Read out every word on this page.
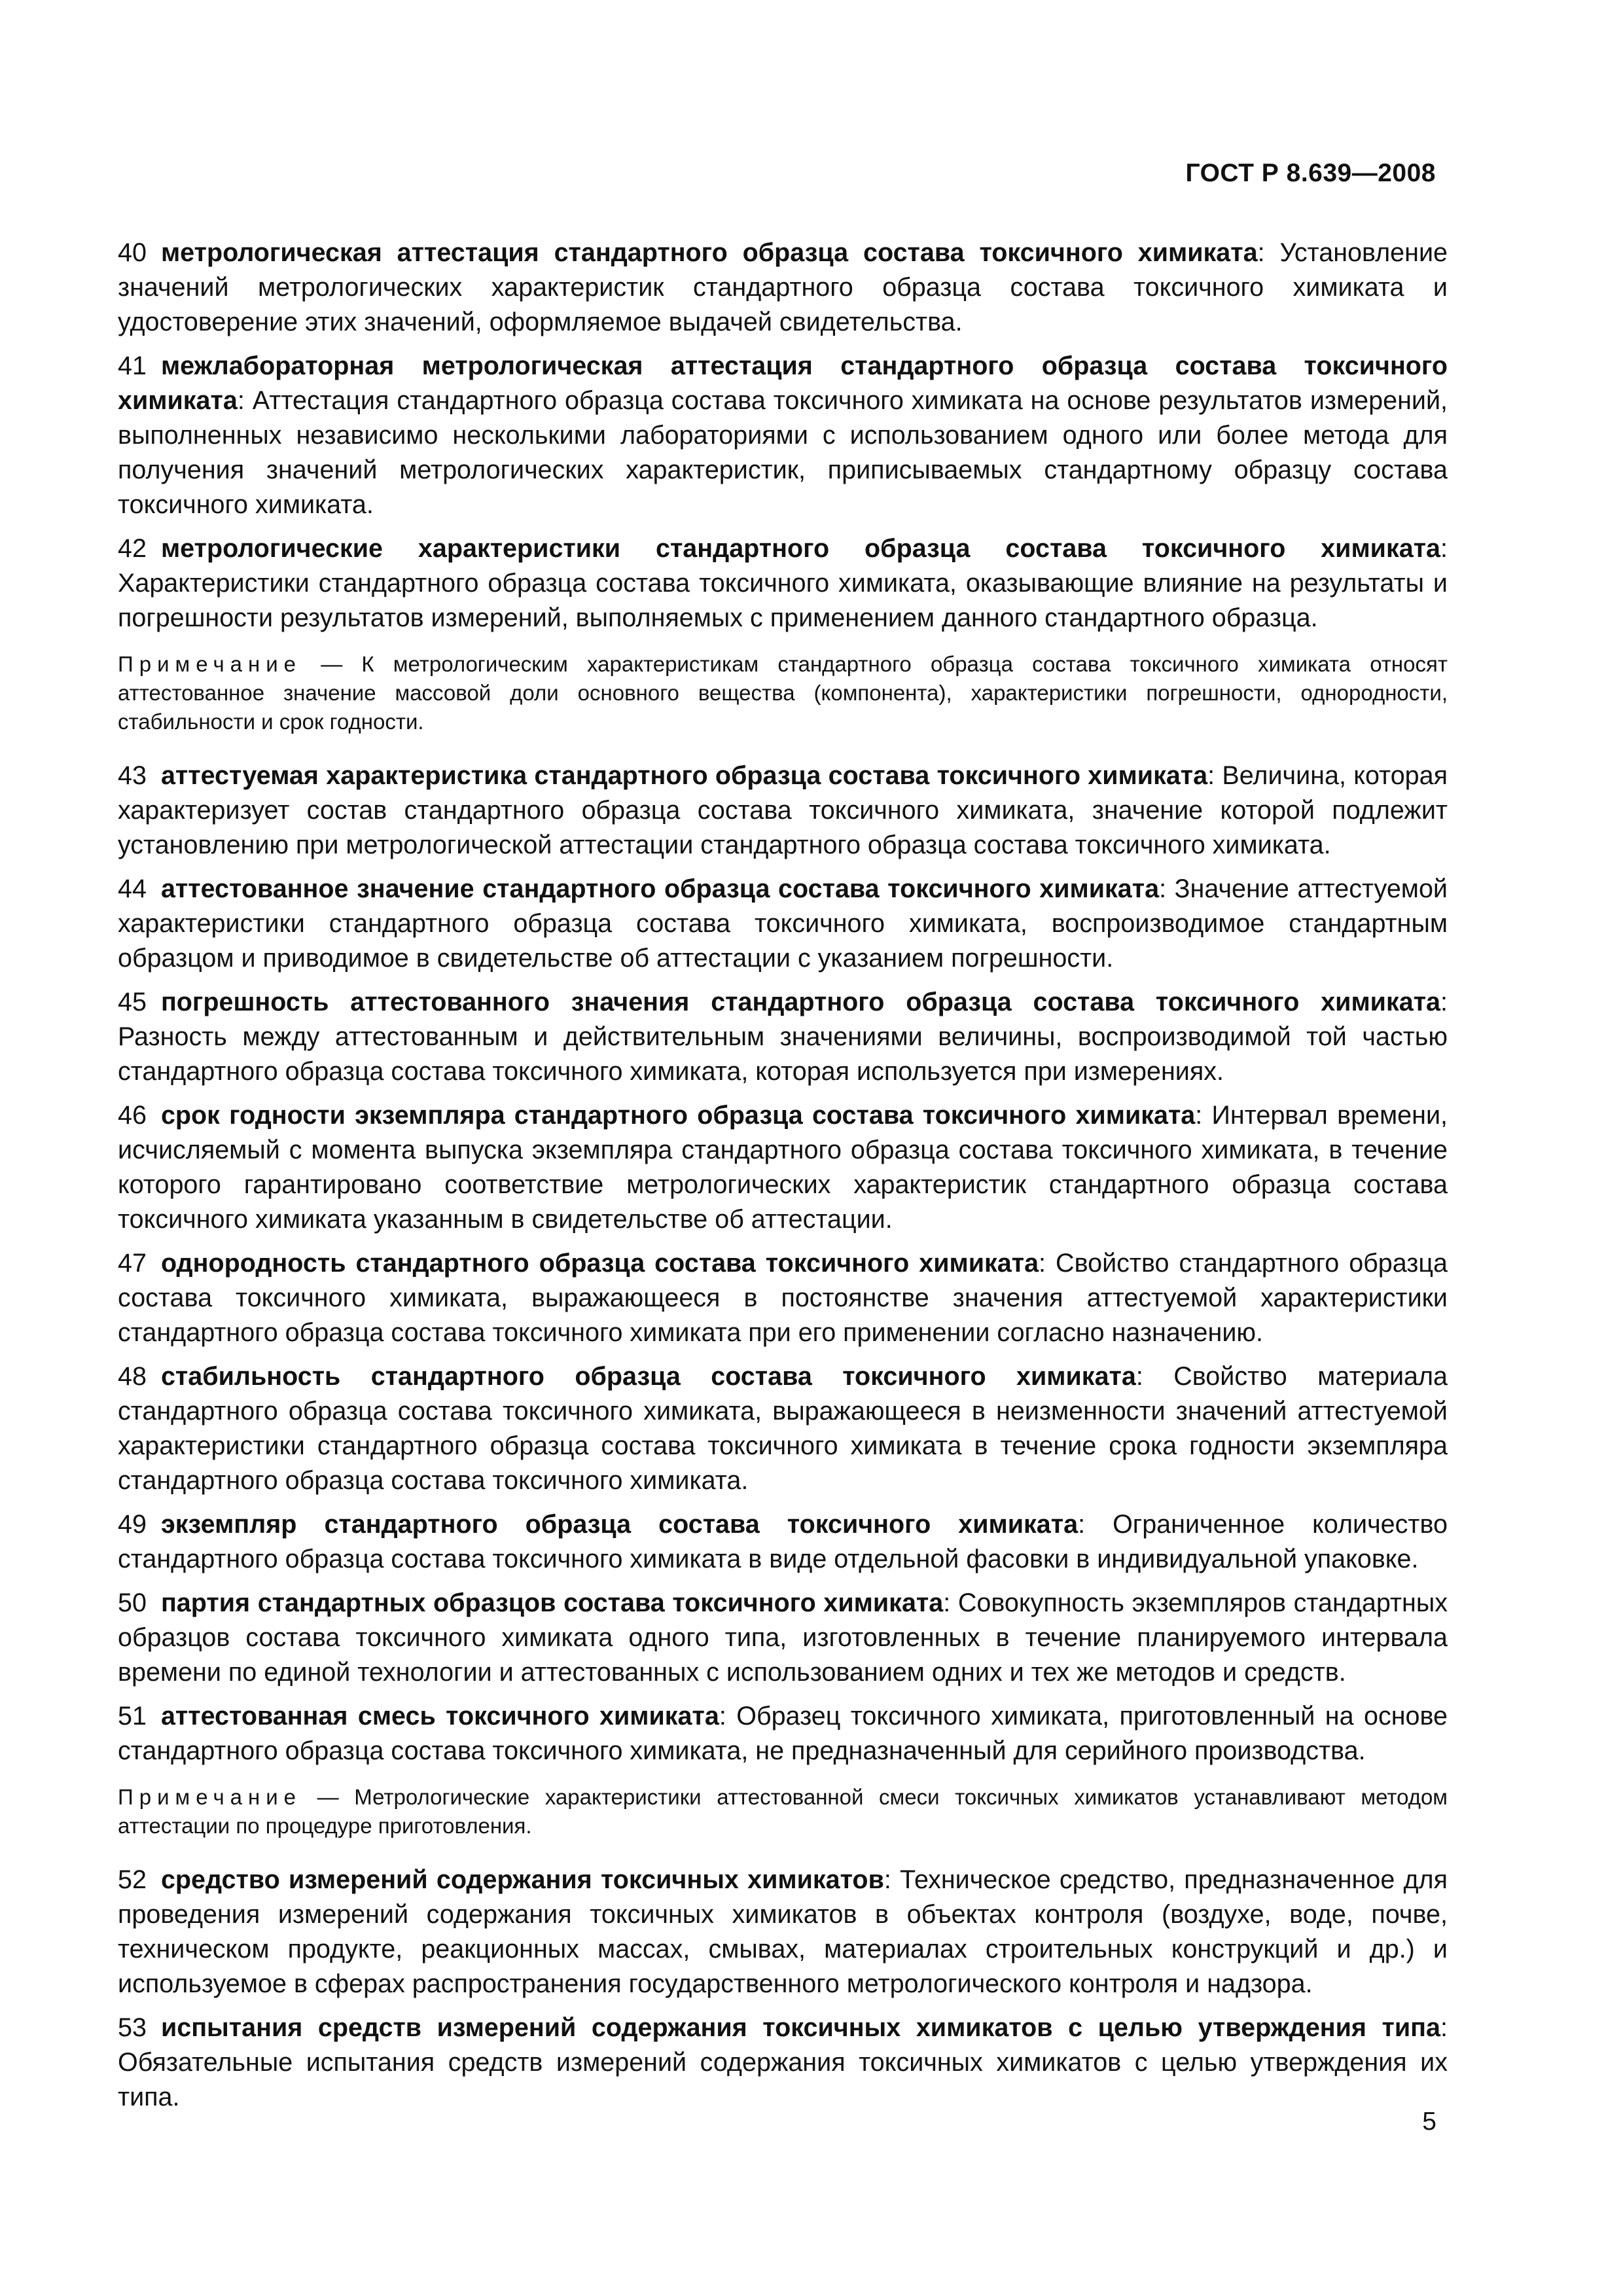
ГОСТ Р 8.639—2008

40 метрологическая аттестация стандартного образца состава токсичного химиката: Установление значений метрологических характеристик стандартного образца состава токсичного химиката и удостоверение этих значений, оформляемое выдачей свидетельства.

41 межлабораторная метрологическая аттестация стандартного образца состава токсичного химиката: Аттестация стандартного образца состава токсичного химиката на основе результатов измерений, выполненных независимо несколькими лабораториями с использованием одного или более метода для получения значений метрологических характеристик, приписываемых стандартному образцу состава токсичного химиката.

42 метрологические характеристики стандартного образца состава токсичного химиката: Характеристики стандартного образца состава токсичного химиката, оказывающие влияние на результаты и погрешности результатов измерений, выполняемых с применением данного стандартного образца.

Примечание — К метрологическим характеристикам стандартного образца состава токсичного химиката относят аттестованное значение массовой доли основного вещества (компонента), характеристики погрешности, однородности, стабильности и срок годности.

43 аттестуемая характеристика стандартного образца состава токсичного химиката: Величина, которая характеризует состав стандартного образца состава токсичного химиката, значение которой подлежит установлению при метрологической аттестации стандартного образца состава токсичного химиката.

44 аттестованное значение стандартного образца состава токсичного химиката: Значение аттестуемой характеристики стандартного образца состава токсичного химиката, воспроизводимое стандартным образцом и приводимое в свидетельстве об аттестации с указанием погрешности.

45 погрешность аттестованного значения стандартного образца состава токсичного химиката: Разность между аттестованным и действительным значениями величины, воспроизводимой той частью стандартного образца состава токсичного химиката, которая используется при измерениях.

46 срок годности экземпляра стандартного образца состава токсичного химиката: Интервал времени, исчисляемый с момента выпуска экземпляра стандартного образца состава токсичного химиката, в течение которого гарантировано соответствие метрологических характеристик стандартного образца состава токсичного химиката указанным в свидетельстве об аттестации.

47 однородность стандартного образца состава токсичного химиката: Свойство стандартного образца состава токсичного химиката, выражающееся в постоянстве значения аттестуемой характеристики стандартного образца состава токсичного химиката при его применении согласно назначению.

48 стабильность стандартного образца состава токсичного химиката: Свойство материала стандартного образца состава токсичного химиката, выражающееся в неизменности значений аттестуемой характеристики стандартного образца состава токсичного химиката в течение срока годности экземпляра стандартного образца состава токсичного химиката.

49 экземпляр стандартного образца состава токсичного химиката: Ограниченное количество стандартного образца состава токсичного химиката в виде отдельной фасовки в индивидуальной упаковке.

50 партия стандартных образцов состава токсичного химиката: Совокупность экземпляров стандартных образцов состава токсичного химиката одного типа, изготовленных в течение планируемого интервала времени по единой технологии и аттестованных с использованием одних и тех же методов и средств.

51 аттестованная смесь токсичного химиката: Образец токсичного химиката, приготовленный на основе стандартного образца состава токсичного химиката, не предназначенный для серийного производства.

Примечание — Метрологические характеристики аттестованной смеси токсичных химикатов устанавливают методом аттестации по процедуре приготовления.

52 средство измерений содержания токсичных химикатов: Техническое средство, предназначенное для проведения измерений содержания токсичных химикатов в объектах контроля (воздухе, воде, почве, техническом продукте, реакционных массах, смывах, материалах строительных конструкций и др.) и используемое в сферах распространения государственного метрологического контроля и надзора.

53 испытания средств измерений содержания токсичных химикатов с целью утверждения типа: Обязательные испытания средств измерений содержания токсичных химикатов с целью утверждения их типа.

5
